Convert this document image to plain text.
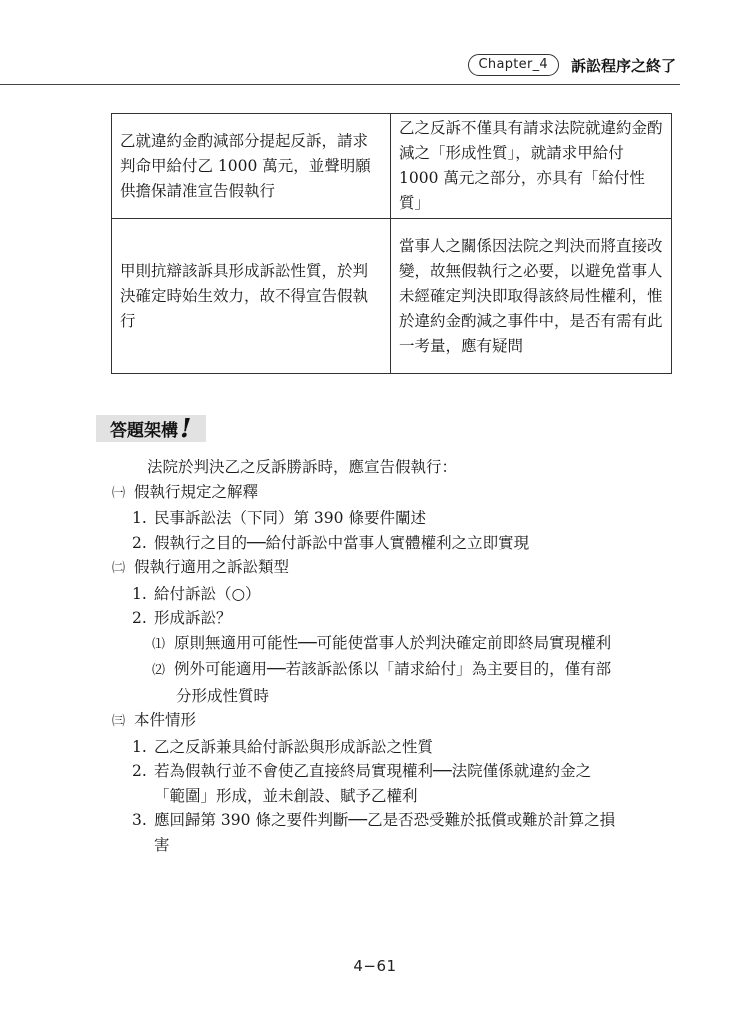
Chapter_4	訴訟程序之終了
乙就違約金酌減部分提起反訴，請求判命甲給付乙 1000 萬元，並聲明願供擔保請准宣告假執行	乙之反訴不僅具有請求法院就違約金酌減之「形成性質」，就請求甲給付 1000 萬元之部分，亦具有「給付性質」
甲則抗辯該訴具形成訴訟性質，於判決確定時始生效力，故不得宣告假執行	當事人之關係因法院之判決而將直接改變，故無假執行之必要，以避免當事人未經確定判決即取得該終局性權利，惟於違約金酌減之事件中，是否有需有此一考量，應有疑問
答題架構 !
法院於判決乙之反訴勝訴時，應宣告假執行：
㈠ 假執行規定之解釋
1. 民事訴訟法（下同）第 390 條要件闡述
2. 假執行之目的──給付訴訟中當事人實體權利之立即實現
㈡ 假執行適用之訴訟類型
1. 給付訴訟（○）
2. 形成訴訟？
⑴ 原則無適用可能性──可能使當事人於判決確定前即終局實現權利
⑵ 例外可能適用──若該訴訟係以「請求給付」為主要目的，僅有部
分形成性質時
㈢ 本件情形
1. 乙之反訴兼具給付訴訟與形成訴訟之性質
2. 若為假執行並不會使乙直接終局實現權利──法院僅係就違約金之
「範圍」形成，並未創設、賦予乙權利
3. 應回歸第 390 條之要件判斷──乙是否恐受難於抵償或難於計算之損
害
4−61
